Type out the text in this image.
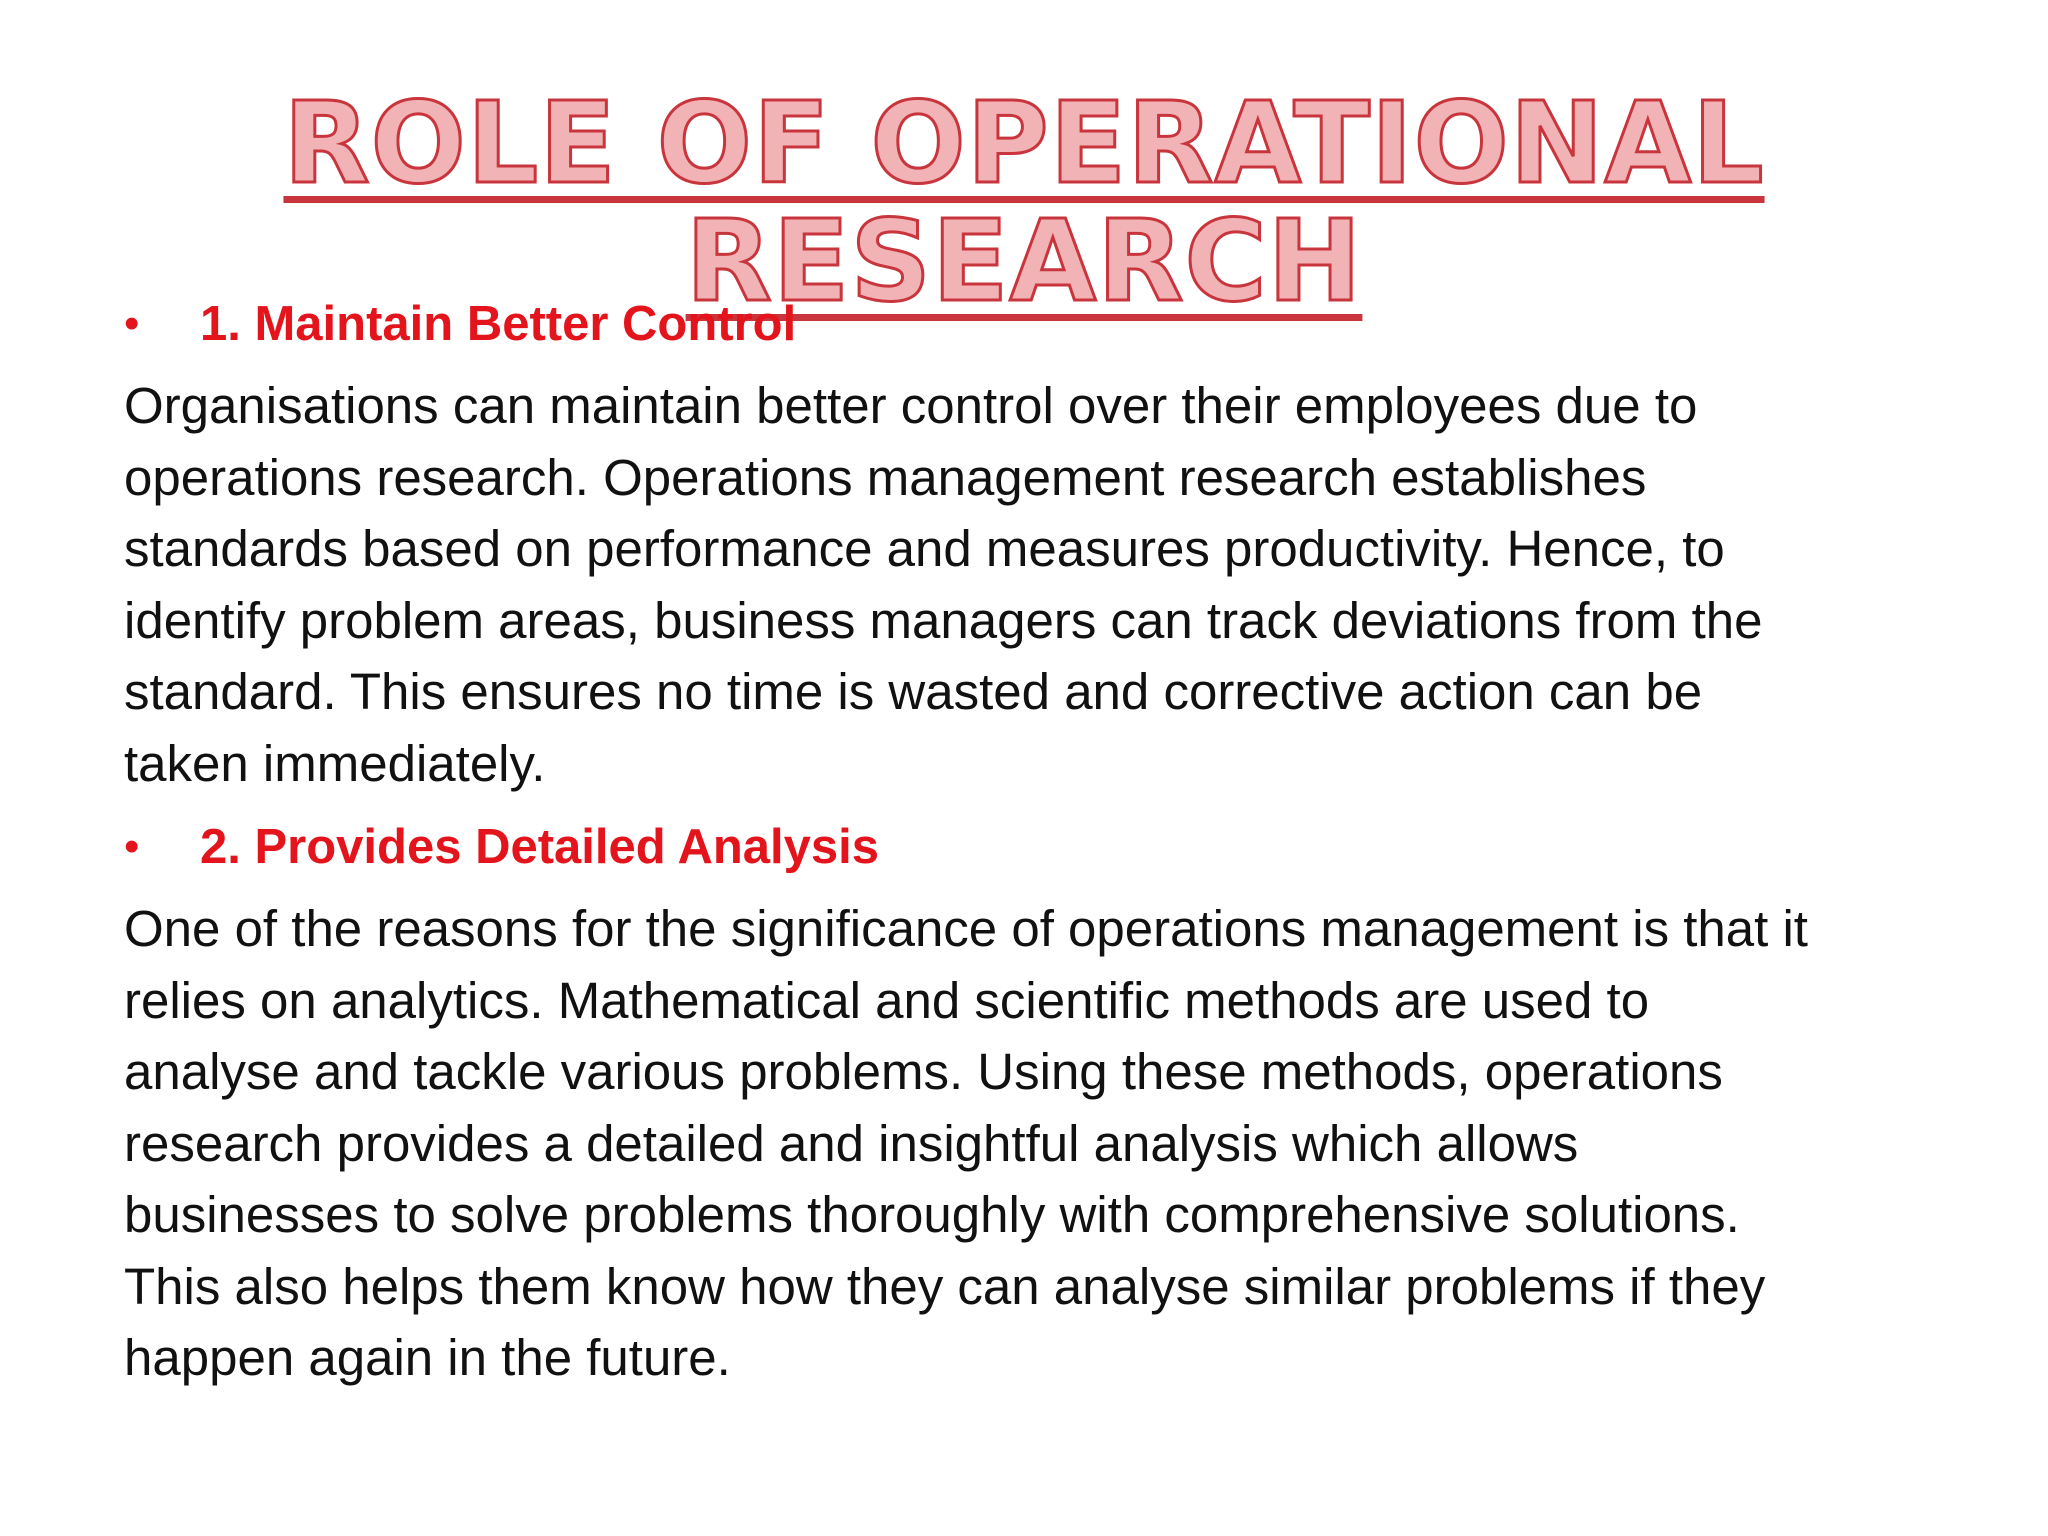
ROLE OF OPERATIONAL RESEARCH
•	1. Maintain Better Control
Organisations can maintain better control over their employees due to
operations research. Operations management research establishes
standards based on performance and measures productivity. Hence, to
identify problem areas, business managers can track deviations from the
standard. This ensures no time is wasted and corrective action can be
taken immediately.
•	2. Provides Detailed Analysis
One of the reasons for the significance of operations management is that it
relies on analytics. Mathematical and scientific methods are used to
analyse and tackle various problems. Using these methods, operations
research provides a detailed and insightful analysis which allows
businesses to solve problems thoroughly with comprehensive solutions.
This also helps them know how they can analyse similar problems if they
happen again in the future.
